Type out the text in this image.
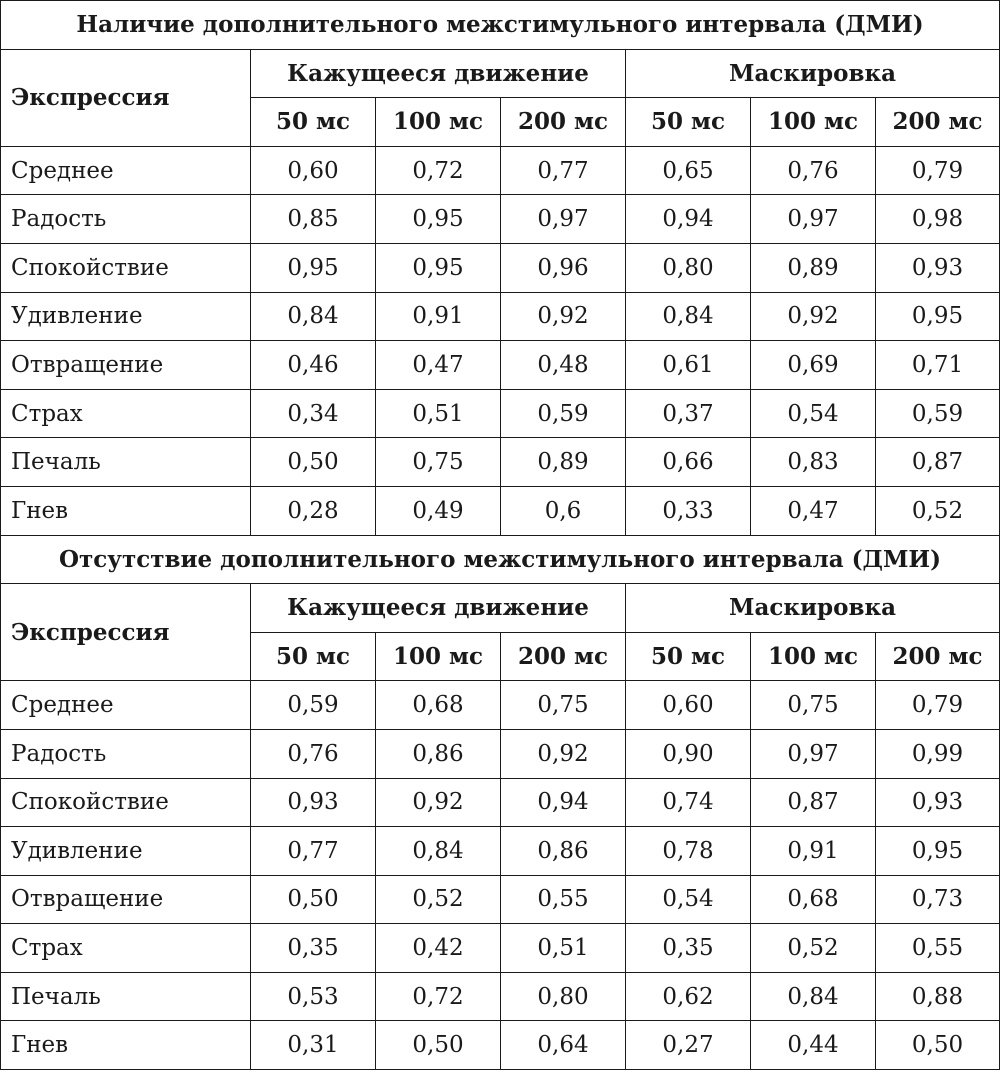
Наличие дополнительного межстимульного интервала (ДМИ)						
Экспрессия	Кажущееся движение			Маскировка		
	50 мс	100 мс	200 мс	50 мс	100 мс	200 мс
Среднее	0,60	0,72	0,77	0,65	0,76	0,79
Радость	0,85	0,95	0,97	0,94	0,97	0,98
Спокойствие	0,95	0,95	0,96	0,80	0,89	0,93
Удивление	0,84	0,91	0,92	0,84	0,92	0,95
Отвращение	0,46	0,47	0,48	0,61	0,69	0,71
Страх	0,34	0,51	0,59	0,37	0,54	0,59
Печаль	0,50	0,75	0,89	0,66	0,83	0,87
Гнев	0,28	0,49	0,6	0,33	0,47	0,52
Отсутствие дополнительного межстимульного интервала (ДМИ)						
Экспрессия	Кажущееся движение			Маскировка		
	50 мс	100 мс	200 мс	50 мс	100 мс	200 мс
Среднее	0,59	0,68	0,75	0,60	0,75	0,79
Радость	0,76	0,86	0,92	0,90	0,97	0,99
Спокойствие	0,93	0,92	0,94	0,74	0,87	0,93
Удивление	0,77	0,84	0,86	0,78	0,91	0,95
Отвращение	0,50	0,52	0,55	0,54	0,68	0,73
Страх	0,35	0,42	0,51	0,35	0,52	0,55
Печаль	0,53	0,72	0,80	0,62	0,84	0,88
Гнев	0,31	0,50	0,64	0,27	0,44	0,50
